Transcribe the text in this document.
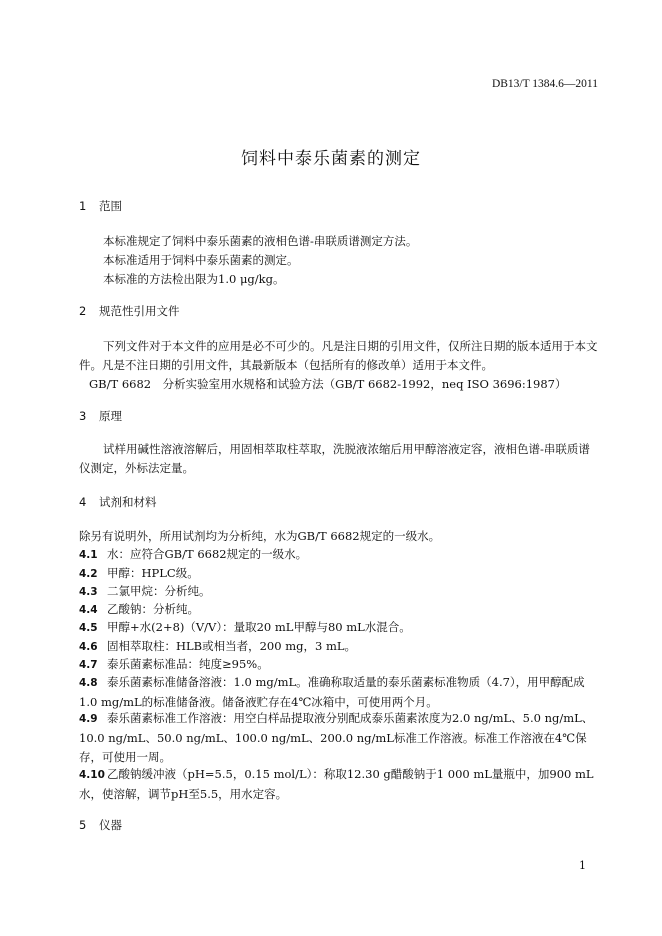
DB13/T 1384.6—2011
饲料中泰乐菌素的测定
1 范围
本标准规定了饲料中泰乐菌素的液相色谱-串联质谱测定方法。
本标准适用于饲料中泰乐菌素的测定。
本标准的方法检出限为1.0 μg/kg。
2 规范性引用文件
下列文件对于本文件的应用是必不可少的。凡是注日期的引用文件，仅所注日期的版本适用于本文件。凡是不注日期的引用文件，其最新版本（包括所有的修改单）适用于本文件。
GB/T 6682　分析实验室用水规格和试验方法（GB/T 6682-1992，neq ISO 3696:1987）
3 原理
试样用碱性溶液溶解后，用固相萃取柱萃取，洗脱液浓缩后用甲醇溶液定容，液相色谱-串联质谱仪测定，外标法定量。
4 试剂和材料
除另有说明外，所用试剂均为分析纯，水为GB/T 6682规定的一级水。
4.1 水：应符合GB/T 6682规定的一级水。
4.2 甲醇：HPLC级。
4.3 二氯甲烷：分析纯。
4.4 乙酸钠：分析纯。
4.5 甲醇+水(2+8)（V/V）：量取20 mL甲醇与80 mL水混合。
4.6 固相萃取柱：HLB或相当者，200 mg，3 mL。
4.7 泰乐菌素标准品：纯度≥95%。
4.8 泰乐菌素标准储备溶液：1.0 mg/mL。准确称取适量的泰乐菌素标准物质（4.7），用甲醇配成1.0 mg/mL的标准储备液。储备液贮存在4℃冰箱中，可使用两个月。
4.9 泰乐菌素标准工作溶液：用空白样品提取液分别配成泰乐菌素浓度为2.0 ng/mL、5.0 ng/mL、10.0 ng/mL、50.0 ng/mL、100.0 ng/mL、200.0 ng/mL标准工作溶液。标准工作溶液在4℃保存，可使用一周。
4.10 乙酸钠缓冲液（pH=5.5，0.15 mol/L）：称取12.30 g醋酸钠于1 000 mL量瓶中，加900 mL水，使溶解，调节pH至5.5，用水定容。
5 仪器
1
